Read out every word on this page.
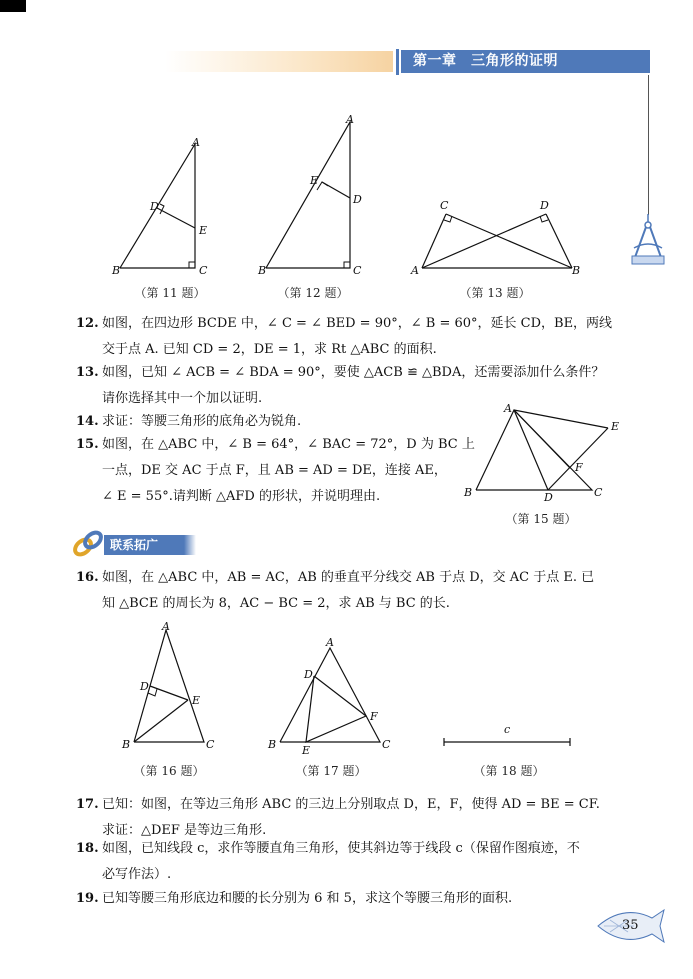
第一章　三角形的证明
A
D
E
B	C
（第 11 题）
A
E
D
B	C
（第 12 题）
C	D
A	B
（第 13 题）
12. 如图，在四边形 BCDE 中，∠ C = ∠ BED = 90°，∠ B = 60°，延长 CD，BE，两线
交于点 A. 已知 CD = 2，DE = 1，求 Rt △ABC 的面积.
13. 如图，已知 ∠ ACB = ∠ BDA = 90°，要使 △ACB ≌ △BDA，还需要添加什么条件？
请你选择其中一个加以证明.
14. 求证：等腰三角形的底角必为锐角.
15. 如图，在 △ABC 中，∠ B = 64°，∠ BAC = 72°，D 为 BC 上
一点，DE 交 AC 于点 F，且 AB = AD = DE，连接 AE，
∠ E = 55°.请判断 △AFD 的形状，并说明理由.
A
E
F
B	D	C
（第 15 题）
联系拓广
16. 如图，在 △ABC 中，AB = AC，AB 的垂直平分线交 AB 于点 D，交 AC 于点 E. 已
知 △BCE 的周长为 8，AC − BC = 2，求 AB 与 BC 的长.
A
D
E
B	C
（第 16 题）
A
D
F
B E	C
（第 17 题）
c
（第 18 题）
17. 已知：如图，在等边三角形 ABC 的三边上分别取点 D，E，F，使得 AD = BE = CF.
求证：△DEF 是等边三角形.
18. 如图，已知线段 c，求作等腰直角三角形，使其斜边等于线段 c（保留作图痕迹，不
必写作法）.
19. 已知等腰三角形底边和腰的长分别为 6 和 5，求这个等腰三角形的面积.
35
